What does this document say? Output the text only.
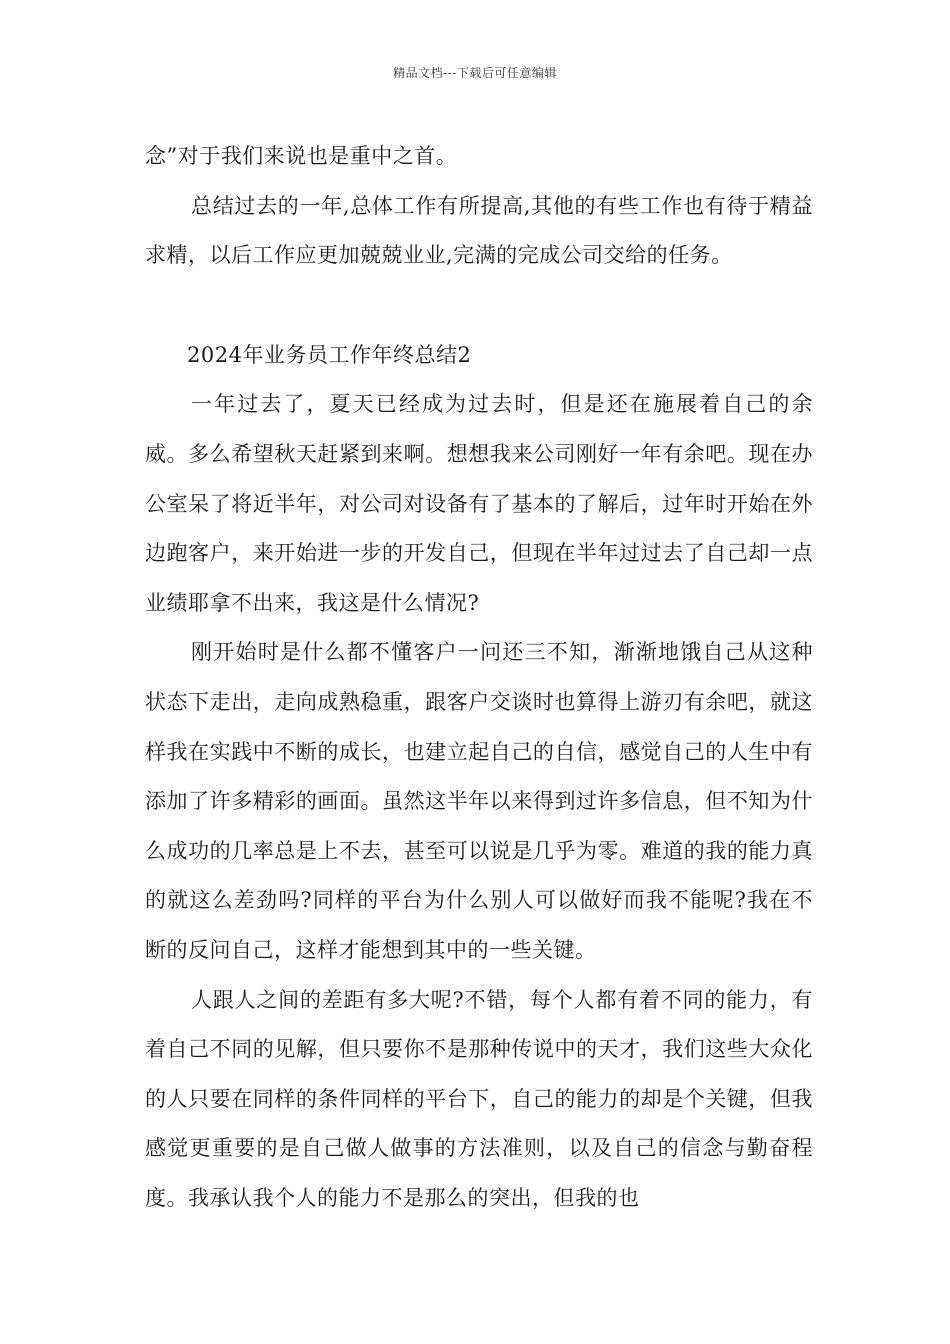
精品文档---下载后可任意编辑

念”对于我们来说也是重中之首。

总结过去的一年,总体工作有所提高,其他的有些工作也有待于精益求精，以后工作应更加兢兢业业,完满的完成公司交给的任务。

2024年业务员工作年终总结2

一年过去了，夏天已经成为过去时，但是还在施展着自己的余威。多么希望秋天赶紧到来啊。想想我来公司刚好一年有余吧。现在办公室呆了将近半年，对公司对设备有了基本的了解后，过年时开始在外边跑客户，来开始进一步的开发自己，但现在半年过过去了自己却一点业绩耶拿不出来，我这是什么情况?

刚开始时是什么都不懂客户一问还三不知，渐渐地饿自己从这种状态下走出，走向成熟稳重，跟客户交谈时也算得上游刃有余吧，就这样我在实践中不断的成长，也建立起自己的自信，感觉自己的人生中有添加了许多精彩的画面。虽然这半年以来得到过许多信息，但不知为什么成功的几率总是上不去，甚至可以说是几乎为零。难道的我的能力真的就这么差劲吗?同样的平台为什么别人可以做好而我不能呢?我在不断的反问自己，这样才能想到其中的一些关键。

人跟人之间的差距有多大呢?不错，每个人都有着不同的能力，有着自己不同的见解，但只要你不是那种传说中的天才，我们这些大众化的人只要在同样的条件同样的平台下，自己的能力的却是个关键，但我感觉更重要的是自己做人做事的方法准则，以及自己的信念与勤奋程度。我承认我个人的能力不是那么的突出，但我的也
